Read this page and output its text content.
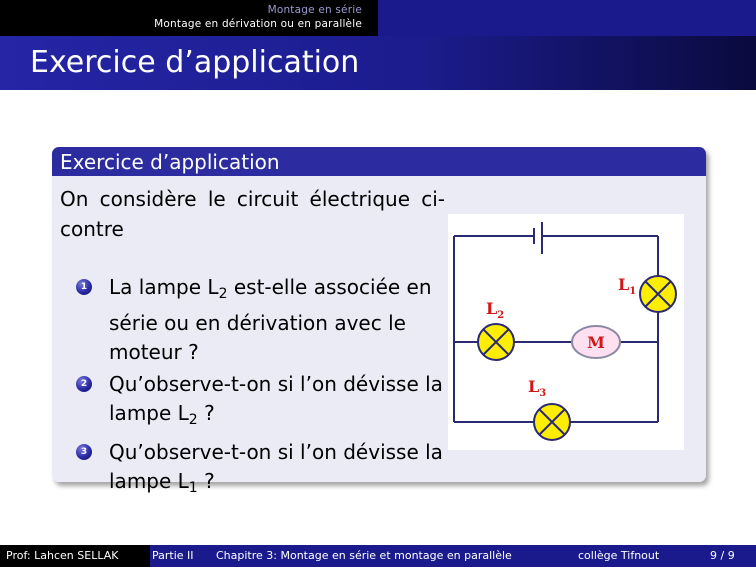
Montage en série
Montage en dérivation ou en parallèle
Exercice d’application
Exercice d’application
On considère le circuit électrique ci-contre
1 La lampe $L_2$ est-elle associée en série ou en dérivation avec le moteur ?
2 Qu’observe-t-on si l’on dévisse la lampe $L_2$ ?
3 Qu’observe-t-on si l’on dévisse la lampe $L_1$ ?
$L_1$
$L_2$
M
$L_3$
Prof: Lahcen SELLAK	Partie II Chapitre 3: Montage en série et montage en parallèle	collège Tifnout	9 / 9
